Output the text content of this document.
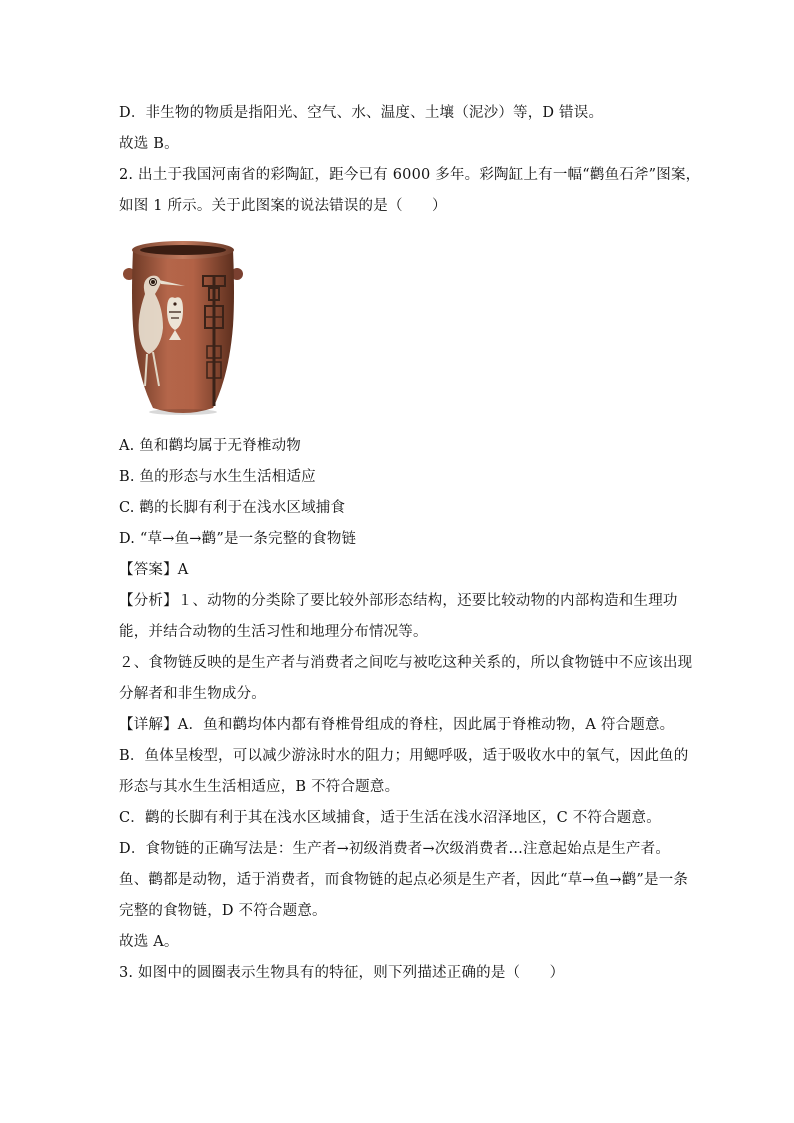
D．非生物的物质是指阳光、空气、水、温度、土壤（泥沙）等，D 错误。
故选 B。
2. 出土于我国河南省的彩陶缸，距今已有 6000 多年。彩陶缸上有一幅“鹳鱼石斧”图案，
如图 1 所示。关于此图案的说法错误的是（　　）
A. 鱼和鹳均属于无脊椎动物
B. 鱼的形态与水生生活相适应
C. 鹳的长脚有利于在浅水区域捕食
D. “草→鱼→鹳”是一条完整的食物链
【答案】A
【分析】１、动物的分类除了要比较外部形态结构，还要比较动物的内部构造和生理功
能，并结合动物的生活习性和地理分布情况等。
２、食物链反映的是生产者与消费者之间吃与被吃这种关系的，所以食物链中不应该出现
分解者和非生物成分。
【详解】A．鱼和鹳均体内都有脊椎骨组成的脊柱，因此属于脊椎动物，A 符合题意。
B．鱼体呈梭型，可以减少游泳时水的阻力；用鳃呼吸，适于吸收水中的氧气，因此鱼的
形态与其水生生活相适应，B 不符合题意。
C．鹳的长脚有利于其在浅水区域捕食，适于生活在浅水沼泽地区，C 不符合题意。
D．食物链的正确写法是：生产者→初级消费者→次级消费者…注意起始点是生产者。
鱼、鹳都是动物，适于消费者，而食物链的起点必须是生产者，因此“草→鱼→鹳”是一条
完整的食物链，D 不符合题意。
故选 A。
3. 如图中的圆圈表示生物具有的特征，则下列描述正确的是（　　）
